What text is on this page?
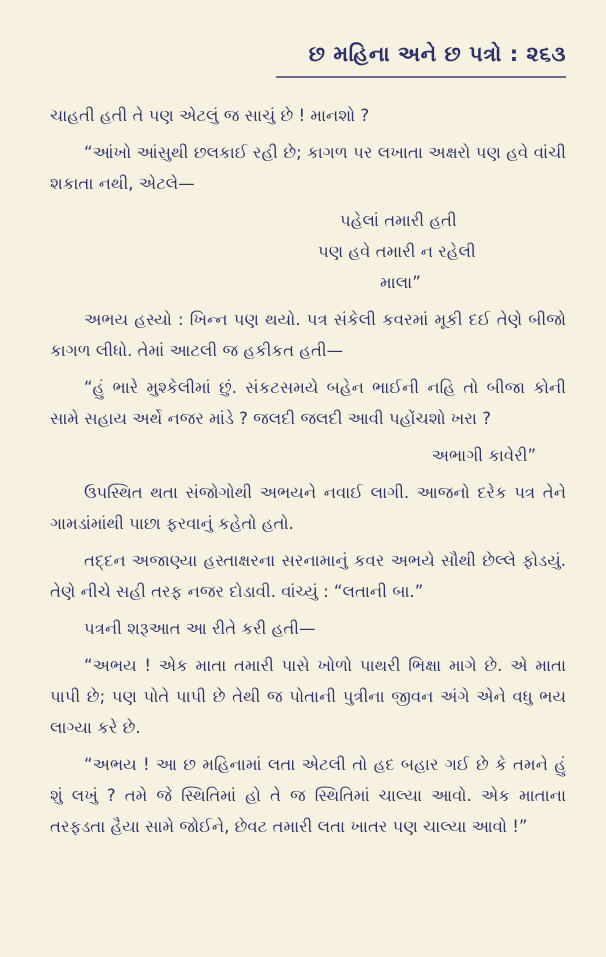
છ મહિના અને છ પત્રો : ૨૬૩

ચાહતી હતી તે પણ એટલું જ સાચું છે ! માનશો ?

“આંખો આંસુથી છલકાઈ રહી છે; કાગળ પર લખાતા અક્ષરો પણ હવે વાંચી શકાતા નથી, એટલે—

પહેલાં તમારી હતી

પણ હવે તમારી ન રહેલી

માલા”

અભય હસ્યો : ખિન્ન પણ થયો. પત્ર સંકેલી કવરમાં મૂકી દઈ તેણે બીજો કાગળ લીધો. તેમાં આટલી જ હકીકત હતી—

“હું ભારે મુશ્કેલીમાં છું. સંકટસમયે બહેન ભાઈની નહિ તો બીજા કોની સામે સહાય અર્થે નજર માંડે ? જલદી જલદી આવી પહોંચશો ખરા ?

અભાગી કાવેરી”

ઉપસ્થિત થતા સંજોગોથી અભયને નવાઈ લાગી. આજનો દરેક પત્ર તેને ગામડાંમાંથી પાછા ફરવાનું કહેતો હતો.

તદ્દન અજાણ્યા હસ્તાક્ષરના સરનામાનું કવર અભયે સૌથી છેલ્લે ફોડયું. તેણે નીચે સહી તરફ નજર દોડાવી. વાંચ્યું : “લતાની બા.”

પત્રની શરૂઆત આ રીતે કરી હતી—

“અભય ! એક માતા તમારી પાસે ખોળો પાથરી ભિક્ષા માગે છે. એ માતા પાપી છે; પણ પોતે પાપી છે તેથી જ પોતાની પુત્રીના જીવન અંગે એને વધુ ભય લાગ્યા કરે છે.

“અભય ! આ છ મહિનામાં લતા એટલી તો હદ બહાર ગઈ છે કે તમને હું શું લખું ? તમે જે સ્થિતિમાં હો તે જ સ્થિતિમાં ચાલ્યા આવો. એક માતાના તરફડતા હૈયા સામે જોઈને, છેવટ તમારી લતા ખાતર પણ ચાલ્યા આવો !”
